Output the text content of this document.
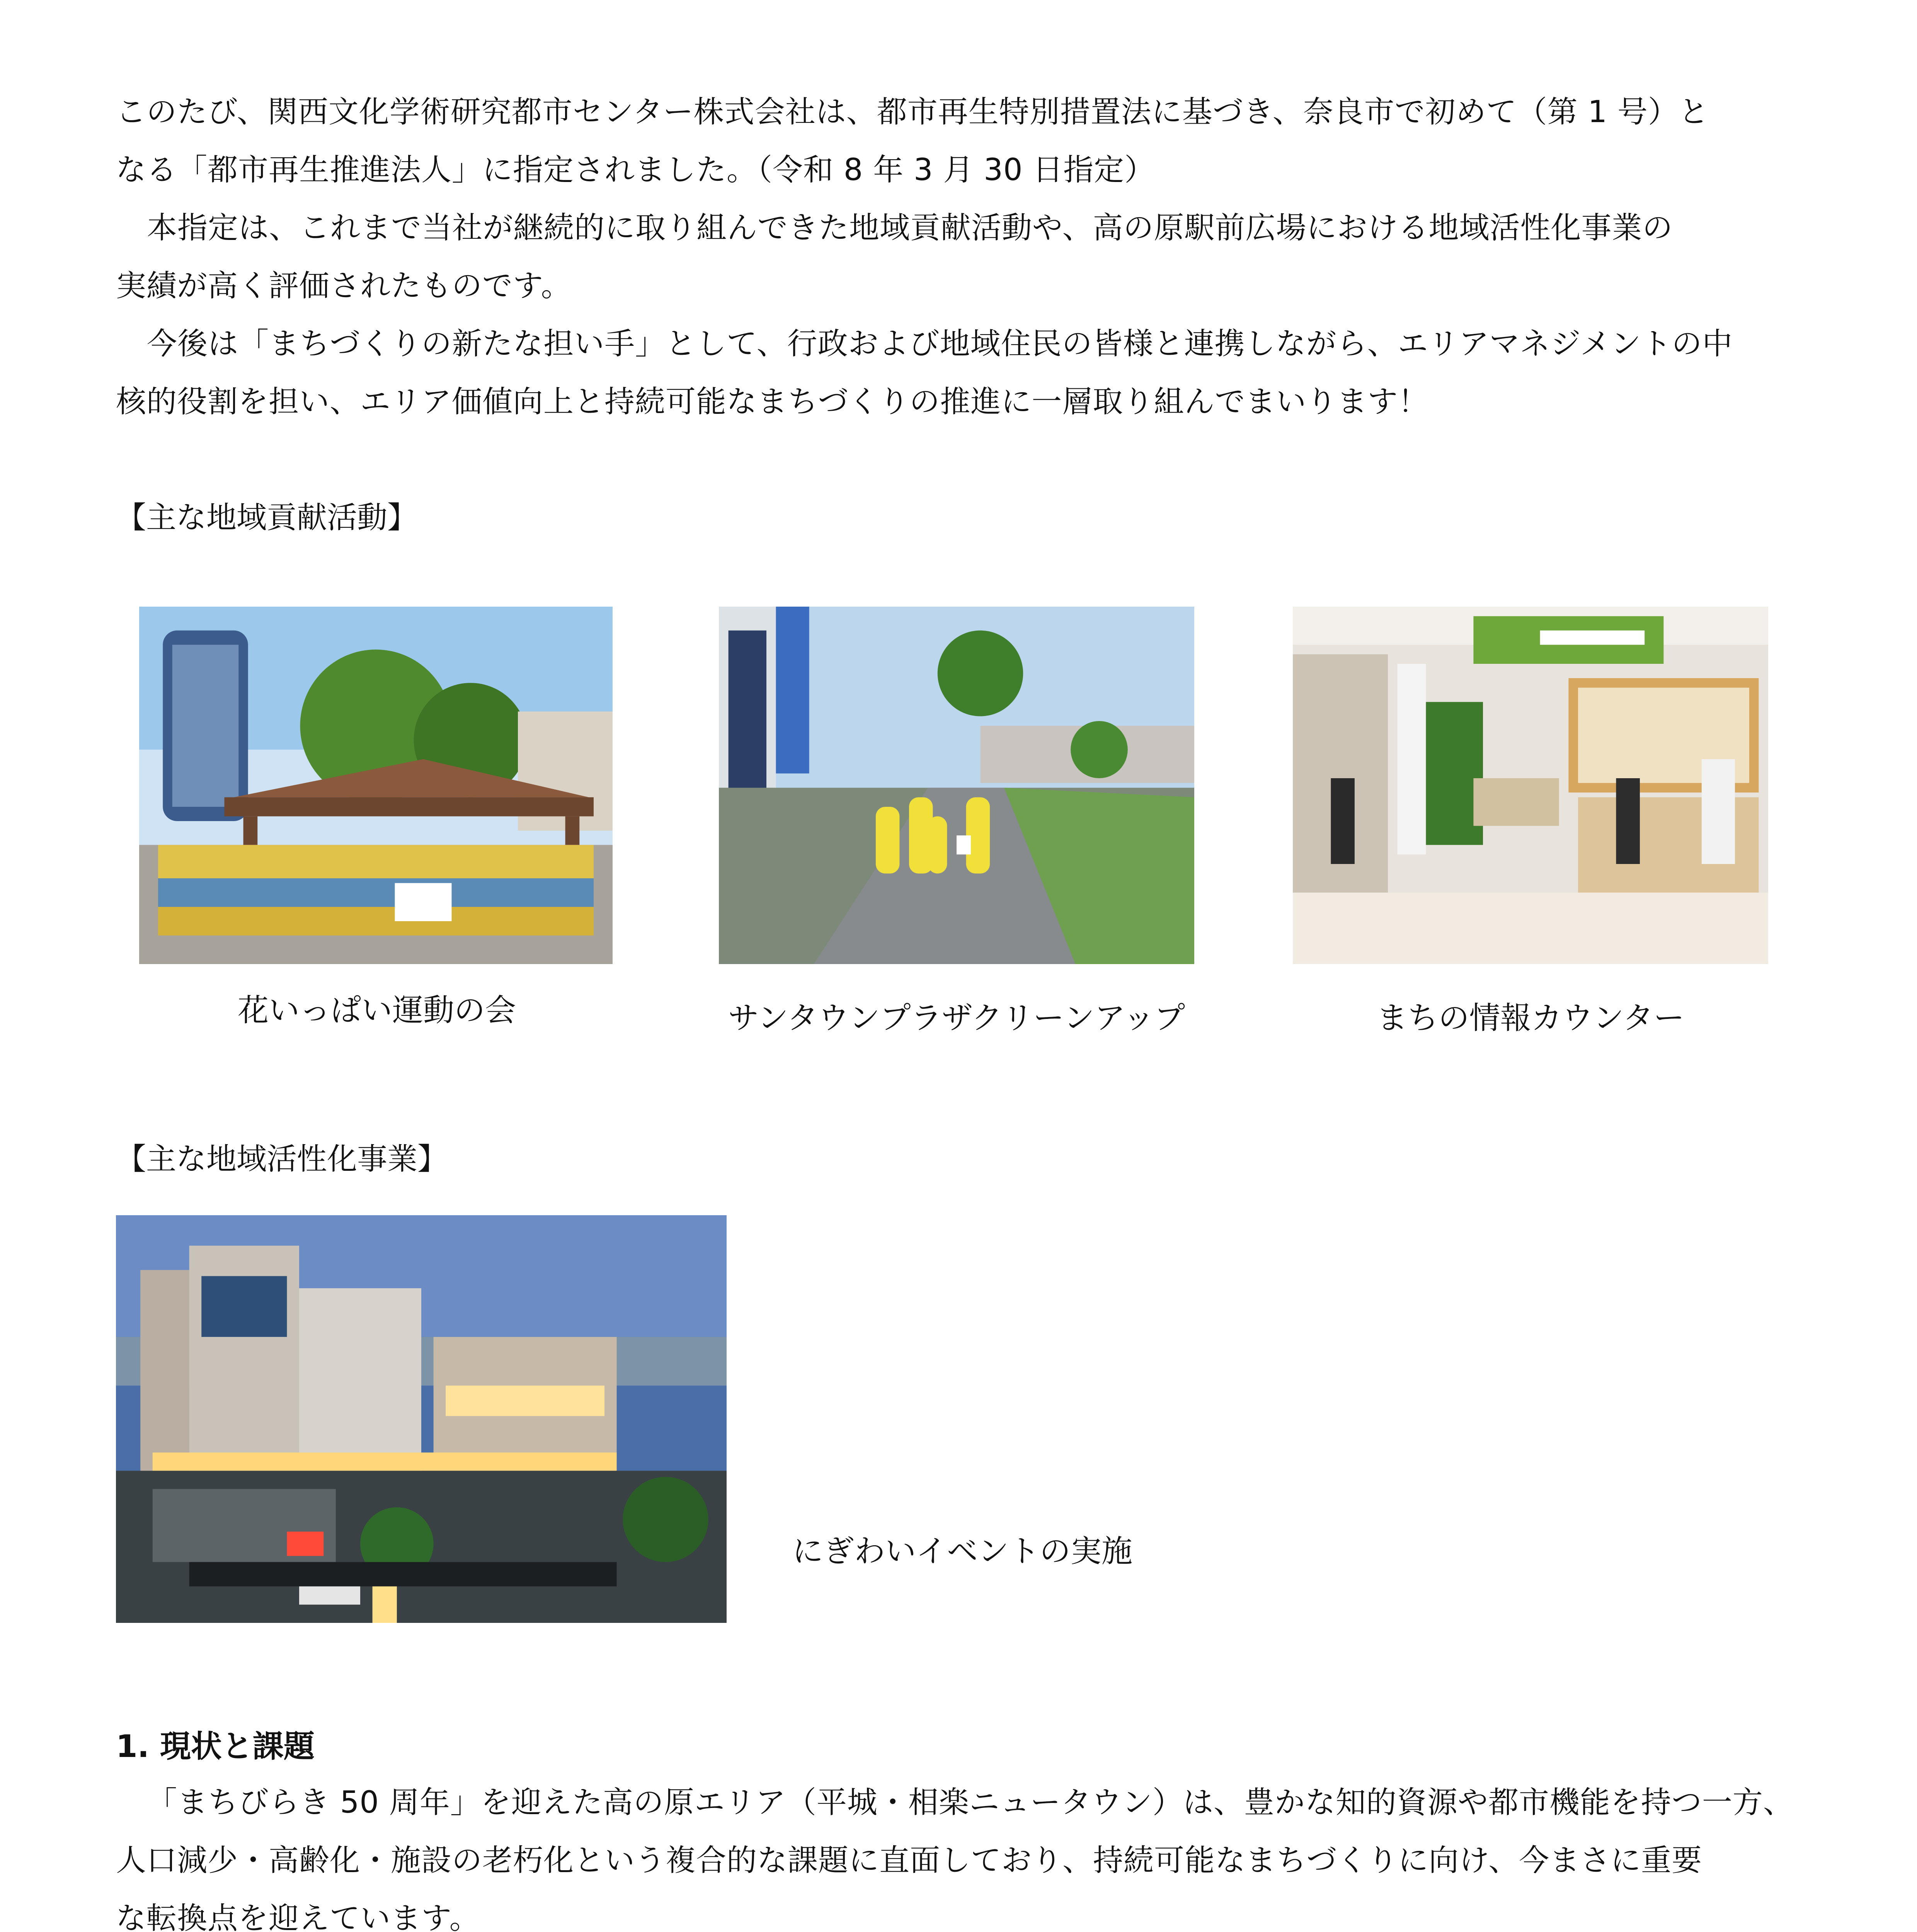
このたび、関西文化学術研究都市センター株式会社は、都市再生特別措置法に基づき、奈良市で初めて（第 1 号）と
なる「都市再生推進法人」に指定されました。（令和 8 年 3 月 30 日指定）
本指定は、これまで当社が継続的に取り組んできた地域貢献活動や、高の原駅前広場における地域活性化事業の
実績が高く評価されたものです。
今後は「まちづくりの新たな担い手」として、行政および地域住民の皆様と連携しながら、エリアマネジメントの中
核的役割を担い、エリア価値向上と持続可能なまちづくりの推進に一層取り組んでまいります！
【主な地域貢献活動】
花いっぱい運動の会	サンタウンプラザクリーンアップ	まちの情報カウンター
【主な地域活性化事業】
にぎわいイベントの実施
1. 現状と課題
「まちびらき 50 周年」を迎えた高の原エリア（平城・相楽ニュータウン）は、豊かな知的資源や都市機能を持つ一方、
人口減少・高齢化・施設の老朽化という複合的な課題に直面しており、持続可能なまちづくりに向け、今まさに重要
な転換点を迎えています。
